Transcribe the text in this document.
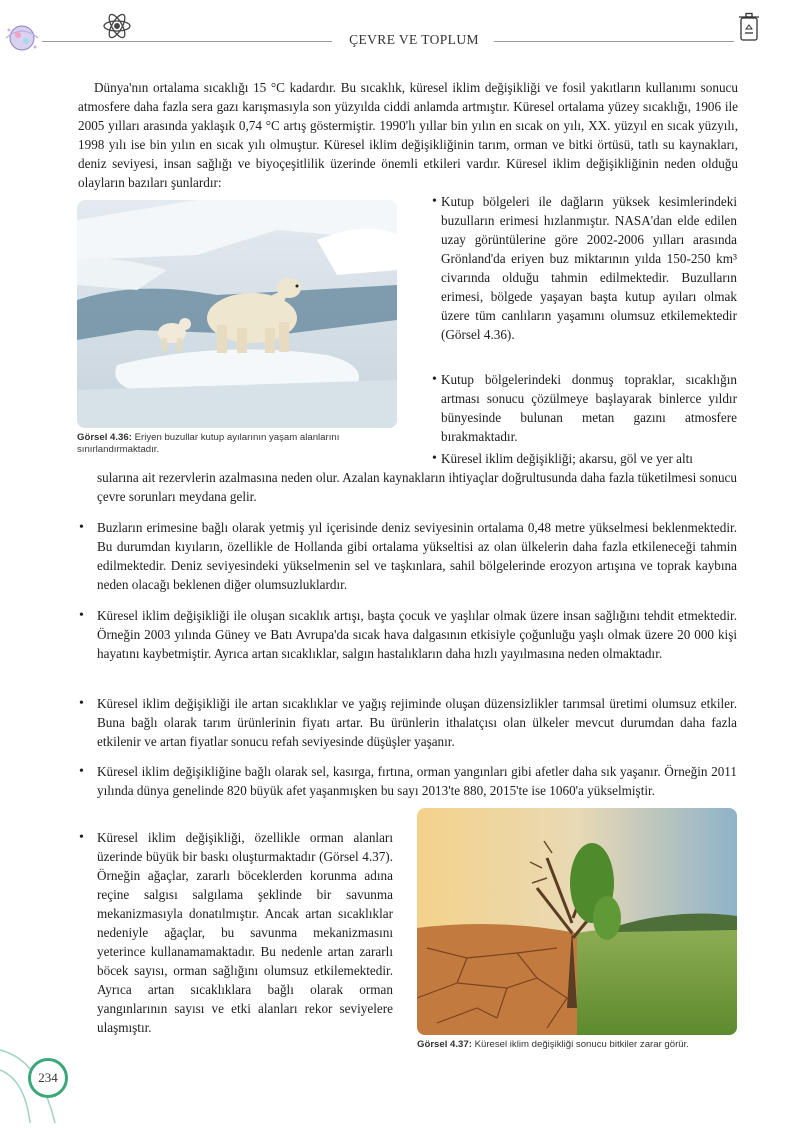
ÇEVRE VE TOPLUM

Dünya'nın ortalama sıcaklığı 15 °C kadardır. Bu sıcaklık, küresel iklim değişikliği ve fosil yakıtların kullanımı sonucu atmosfere daha fazla sera gazı karışmasıyla son yüzyılda ciddi anlamda artmıştır. Küresel ortalama yüzey sıcaklığı, 1906 ile 2005 yılları arasında yaklaşık 0,74 °C artış göstermiştir. 1990'lı yıllar bin yılın en sıcak on yılı, XX. yüzyıl en sıcak yüzyılı, 1998 yılı ise bin yılın en sıcak yılı olmuştur. Küresel iklim değişikliğinin tarım, orman ve bitki örtüsü, tatlı su kaynakları, deniz seviyesi, insan sağlığı ve biyoçeşitlilik üzerinde önemli etkileri vardır. Küresel iklim değişikliğinin neden olduğu olayların bazıları şunlardır:

Görsel 4.36: Eriyen buzullar kutup ayılarının yaşam alanlarını sınırlandırmaktadır.
• Kutup bölgeleri ile dağların yüksek kesimlerindeki buzulların erimesi hızlanmıştır. NASA'dan elde edilen uzay görüntülerine göre 2002-2006 yılları arasında Grönland'da eriyen buz miktarının yılda 150-250 km³ civarında olduğu tahmin edilmektedir. Buzulların erimesi, bölgede yaşayan başta kutup ayıları olmak üzere tüm canlıların yaşamını olumsuz etkilemektedir (Görsel 4.36).
• Kutup bölgelerindeki donmuş topraklar, sıcaklığın artması sonucu çözülmeye başlayarak binlerce yıldır bünyesinde bulunan metan gazını atmosfere bırakmaktadır.
• Küresel iklim değişikliği; akarsu, göl ve yer altı

sularına ait rezervlerin azalmasına neden olur. Azalan kaynakların ihtiyaçlar doğrultusunda daha fazla tüketilmesi sonucu çevre sorunları meydana gelir.

• Buzların erimesine bağlı olarak yetmiş yıl içerisinde deniz seviyesinin ortalama 0,48 metre yükselmesi beklenmektedir. Bu durumdan kıyıların, özellikle de Hollanda gibi ortalama yükseltisi az olan ülkelerin daha fazla etkileneceği tahmin edilmektedir. Deniz seviyesindeki yükselmenin sel ve taşkınlara, sahil bölgelerinde erozyon artışına ve toprak kaybına neden olacağı beklenen diğer olumsuzluklardır.
• Küresel iklim değişikliği ile oluşan sıcaklık artışı, başta çocuk ve yaşlılar olmak üzere insan sağlığını tehdit etmektedir. Örneğin 2003 yılında Güney ve Batı Avrupa'da sıcak hava dalgasının etkisiyle çoğunluğu yaşlı olmak üzere 20 000 kişi hayatını kaybetmiştir. Ayrıca artan sıcaklıklar, salgın hastalıkların daha hızlı yayılmasına neden olmaktadır.
• Küresel iklim değişikliği ile artan sıcaklıklar ve yağış rejiminde oluşan düzensizlikler tarımsal üretimi olumsuz etkiler. Buna bağlı olarak tarım ürünlerinin fiyatı artar. Bu ürünlerin ithalatçısı olan ülkeler mevcut durumdan daha fazla etkilenir ve artan fiyatlar sonucu refah seviyesinde düşüşler yaşanır.
• Küresel iklim değişikliğine bağlı olarak sel, kasırga, fırtına, orman yangınları gibi afetler daha sık yaşanır. Örneğin 2011 yılında dünya genelinde 820 büyük afet yaşanmışken bu sayı 2013'te 880, 2015'te ise 1060'a yükselmiştir.
• Küresel iklim değişikliği, özellikle orman alanları üzerinde büyük bir baskı oluşturmaktadır (Görsel 4.37). Örneğin ağaçlar, zararlı böceklerden korunma adına reçine salgısı salgılama şeklinde bir savunma mekanizmasıyla donatılmıştır. Ancak artan sıcaklıklar nedeniyle ağaçlar, bu savunma mekanizmasını yeterince kullanamamaktadır. Bu nedenle artan zararlı böcek sayısı, orman sağlığını olumsuz etkilemektedir. Ayrıca artan sıcaklıklara bağlı olarak orman yangınlarının sayısı ve etki alanları rekor seviyelere ulaşmıştır.
Görsel 4.37: Küresel iklim değişikliği sonucu bitkiler zarar görür.
234
